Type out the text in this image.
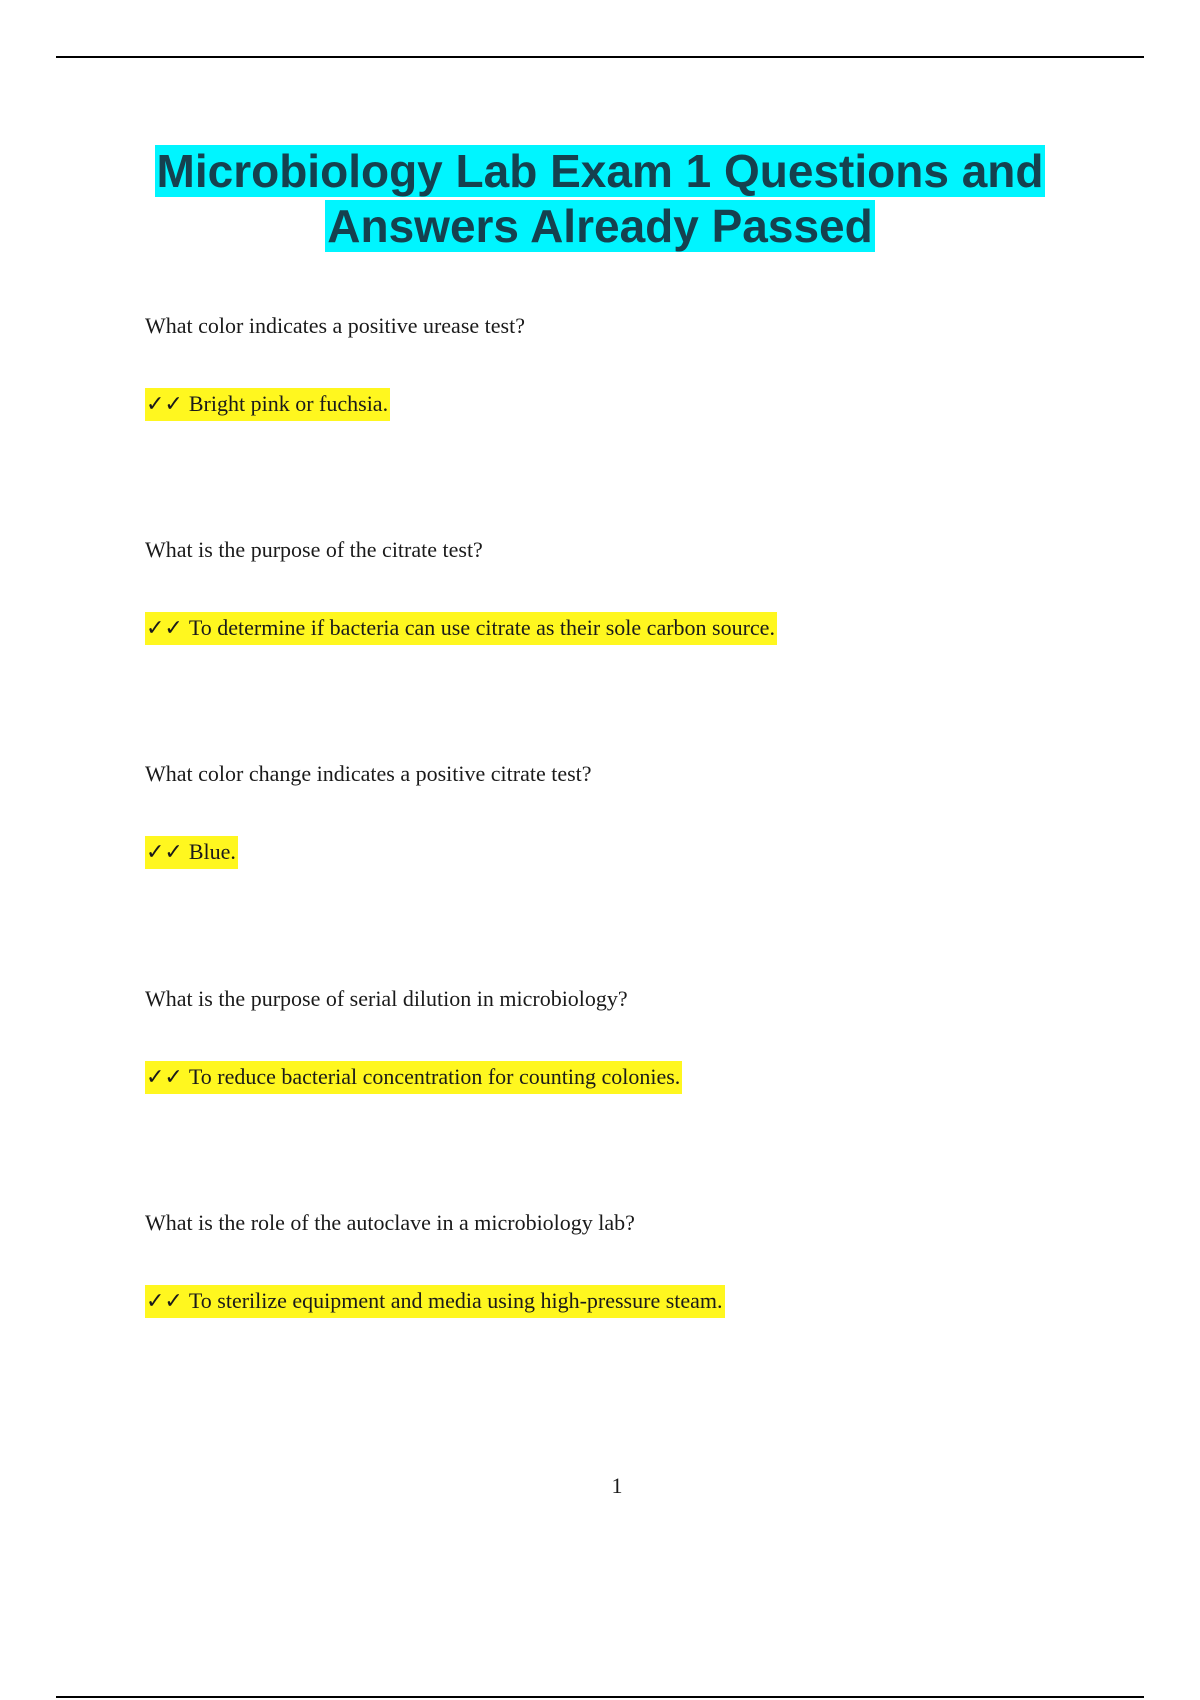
Microbiology Lab Exam 1 Questions and
Answers Already Passed

What color indicates a positive urease test?

✓✓ Bright pink or fuchsia.

What is the purpose of the citrate test?

✓✓ To determine if bacteria can use citrate as their sole carbon source.

What color change indicates a positive citrate test?

✓✓ Blue.

What is the purpose of serial dilution in microbiology?

✓✓ To reduce bacterial concentration for counting colonies.

What is the role of the autoclave in a microbiology lab?

✓✓ To sterilize equipment and media using high-pressure steam.
1
